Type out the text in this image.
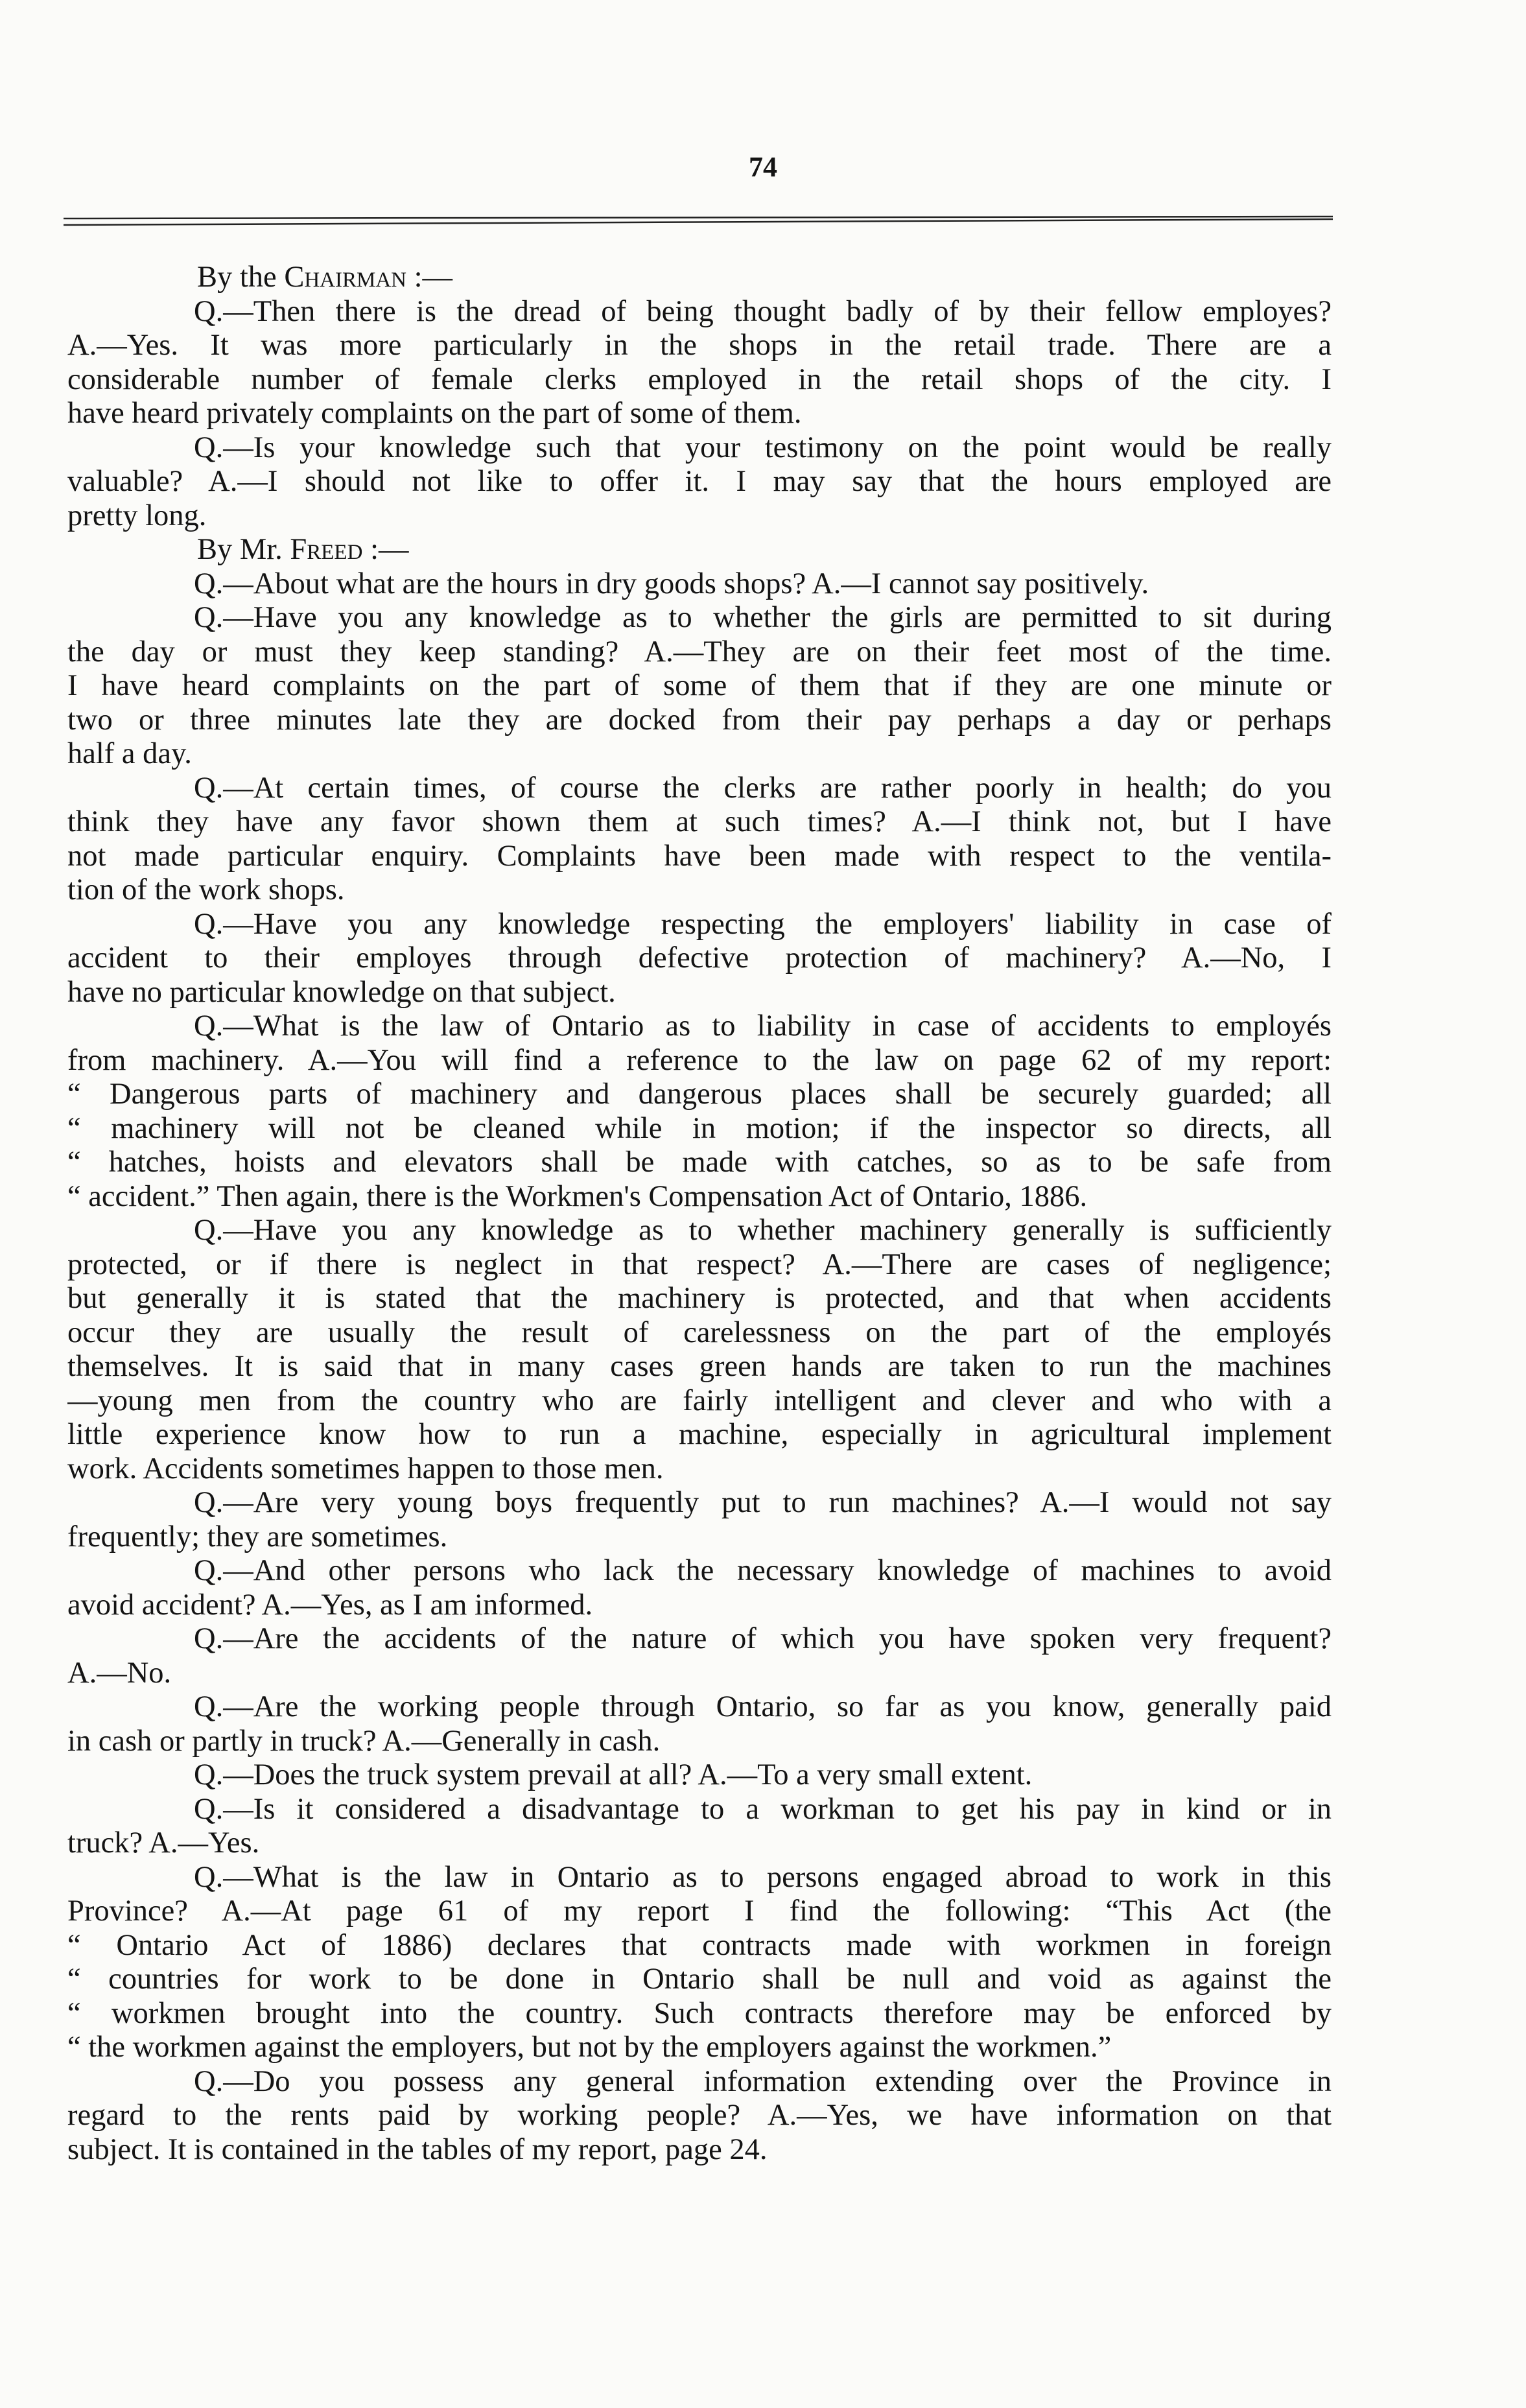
74
By the Chairman :—
Q.—Then there is the dread of being thought badly of by their fellow employes?
A.—Yes. It was more particularly in the shops in the retail trade. There are a
considerable number of female clerks employed in the retail shops of the city. I
have heard privately complaints on the part of some of them.
Q.—Is your knowledge such that your testimony on the point would be really
valuable? A.—I should not like to offer it. I may say that the hours employed are
pretty long.
By Mr. Freed :—
Q.—About what are the hours in dry goods shops? A.—I cannot say positively.
Q.—Have you any knowledge as to whether the girls are permitted to sit during
the day or must they keep standing? A.—They are on their feet most of the time.
I have heard complaints on the part of some of them that if they are one minute or
two or three minutes late they are docked from their pay perhaps a day or perhaps
half a day.
Q.—At certain times, of course the clerks are rather poorly in health; do you
think they have any favor shown them at such times? A.—I think not, but I have
not made particular enquiry. Complaints have been made with respect to the ventila-
tion of the work shops.
Q.—Have you any knowledge respecting the employers' liability in case of
accident to their employes through defective protection of machinery? A.—No, I
have no particular knowledge on that subject.
Q.—What is the law of Ontario as to liability in case of accidents to employés
from machinery. A.—You will find a reference to the law on page 62 of my report:
“ Dangerous parts of machinery and dangerous places shall be securely guarded; all
“ machinery will not be cleaned while in motion; if the inspector so directs, all
“ hatches, hoists and elevators shall be made with catches, so as to be safe from
“ accident.” Then again, there is the Workmen's Compensation Act of Ontario, 1886.
Q.—Have you any knowledge as to whether machinery generally is sufficiently
protected, or if there is neglect in that respect? A.—There are cases of negligence;
but generally it is stated that the machinery is protected, and that when accidents
occur they are usually the result of carelessness on the part of the employés
themselves. It is said that in many cases green hands are taken to run the machines
—young men from the country who are fairly intelligent and clever and who with a
little experience know how to run a machine, especially in agricultural implement
work. Accidents sometimes happen to those men.
Q.—Are very young boys frequently put to run machines? A.—I would not say
frequently; they are sometimes.
Q.—And other persons who lack the necessary knowledge of machines to avoid
avoid accident? A.—Yes, as I am informed.
Q.—Are the accidents of the nature of which you have spoken very frequent?
A.—No.
Q.—Are the working people through Ontario, so far as you know, generally paid
in cash or partly in truck? A.—Generally in cash.
Q.—Does the truck system prevail at all? A.—To a very small extent.
Q.—Is it considered a disadvantage to a workman to get his pay in kind or in
truck? A.—Yes.
Q.—What is the law in Ontario as to persons engaged abroad to work in this
Province? A.—At page 61 of my report I find the following: “This Act (the
“ Ontario Act of 1886) declares that contracts made with workmen in foreign
“ countries for work to be done in Ontario shall be null and void as against the
“ workmen brought into the country. Such contracts therefore may be enforced by
“ the workmen against the employers, but not by the employers against the workmen.”
Q.—Do you possess any general information extending over the Province in
regard to the rents paid by working people? A.—Yes, we have information on that
subject. It is contained in the tables of my report, page 24.
